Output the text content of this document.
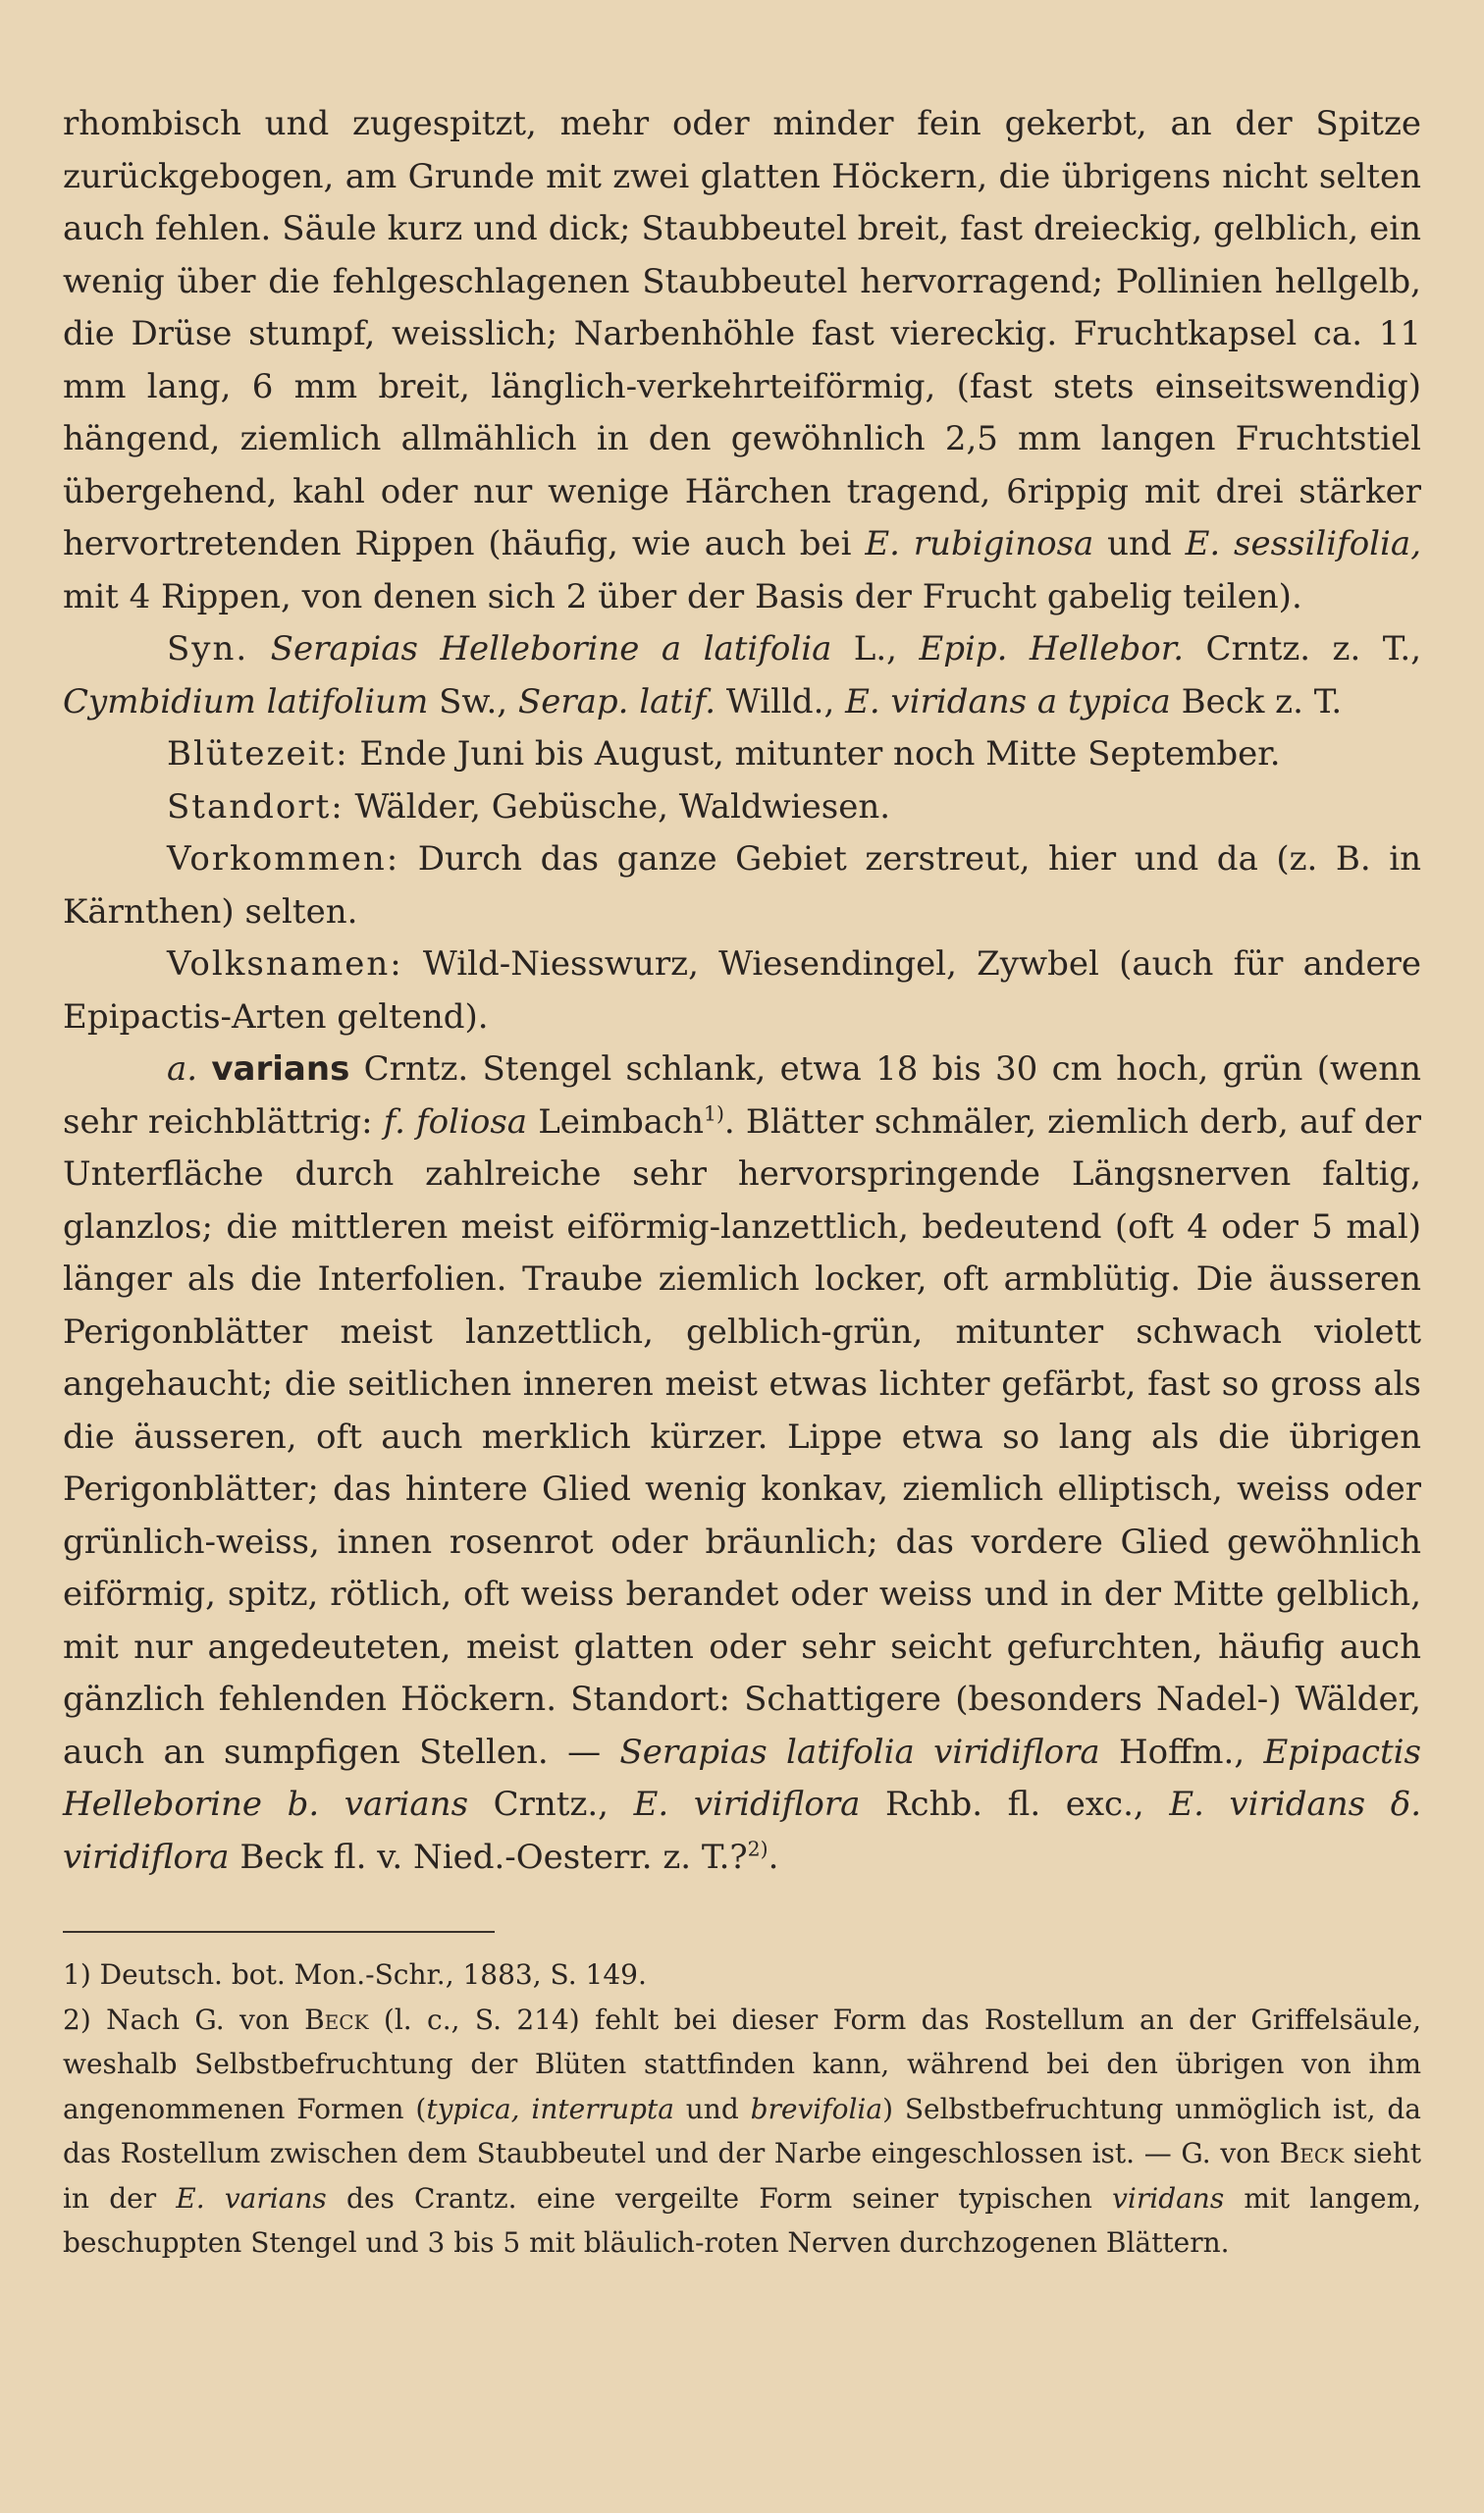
rhombisch und zugespitzt, mehr oder minder fein gekerbt, an der Spitze zurückgebogen, am Grunde mit zwei glatten Höckern, die übrigens nicht selten auch fehlen. Säule kurz und dick; Staubbeutel breit, fast dreieckig, gelblich, ein wenig über die fehlgeschlagenen Staubbeutel hervorragend; Pollinien hellgelb, die Drüse stumpf, weisslich; Narbenhöhle fast viereckig. Fruchtkapsel ca. 11 mm lang, 6 mm breit, länglich-verkehrteiförmig, (fast stets einseitswendig) hängend, ziemlich allmählich in den gewöhnlich 2,5 mm langen Fruchtstiel übergehend, kahl oder nur wenige Härchen tragend, 6rippig mit drei stärker hervortretenden Rippen (häufig, wie auch bei E. rubiginosa und E. sessilifolia, mit 4 Rippen, von denen sich 2 über der Basis der Frucht gabelig teilen).

Syn. Serapias Helleborine a latifolia L., Epip. Hellebor. Crntz. z. T., Cymbidium latifolium Sw., Serap. latif. Willd., E. viridans a typica Beck z. T.

Blütezeit: Ende Juni bis August, mitunter noch Mitte September.

Standort: Wälder, Gebüsche, Waldwiesen.

Vorkommen: Durch das ganze Gebiet zerstreut, hier und da (z. B. in Kärnthen) selten.

Volksnamen: Wild-Niesswurz, Wiesendingel, Zywbel (auch für andere Epipactis-Arten geltend).

a. varians Crntz. Stengel schlank, etwa 18 bis 30 cm hoch, grün (wenn sehr reichblättrig: f. foliosa Leimbach$^{1)}$. Blätter schmäler, ziemlich derb, auf der Unterfläche durch zahlreiche sehr hervorspringende Längsnerven faltig, glanzlos; die mittleren meist eiförmig-lanzettlich, bedeutend (oft 4 oder 5 mal) länger als die Interfolien. Traube ziemlich locker, oft armblütig. Die äusseren Perigonblätter meist lanzettlich, gelblich-grün, mitunter schwach violett angehaucht; die seitlichen inneren meist etwas lichter gefärbt, fast so gross als die äusseren, oft auch merklich kürzer. Lippe etwa so lang als die übrigen Perigonblätter; das hintere Glied wenig konkav, ziemlich elliptisch, weiss oder grünlich-weiss, innen rosenrot oder bräunlich; das vordere Glied gewöhnlich eiförmig, spitz, rötlich, oft weiss berandet oder weiss und in der Mitte gelblich, mit nur angedeuteten, meist glatten oder sehr seicht gefurchten, häufig auch gänzlich fehlenden Höckern. Standort: Schattigere (besonders Nadel-) Wälder, auch an sumpfigen Stellen. — Serapias latifolia viridiflora Hoffm., Epipactis Helleborine b. varians Crntz., E. viridiflora Rchb. fl. exc., E. viridans δ. viridiflora Beck fl. v. Nied.-Oesterr. z. T.?$^{2)}$.

1) Deutsch. bot. Mon.-Schr., 1883, S. 149.

2) Nach G. von Beck (l. c., S. 214) fehlt bei dieser Form das Rostellum an der Griffelsäule, weshalb Selbstbefruchtung der Blüten stattfinden kann, während bei den übrigen von ihm angenommenen Formen (typica, interrupta und brevifolia) Selbstbefruchtung unmöglich ist, da das Rostellum zwischen dem Staubbeutel und der Narbe eingeschlossen ist. — G. von Beck sieht in der E. varians des Crantz. eine vergeilte Form seiner typischen viridans mit langem, beschuppten Stengel und 3 bis 5 mit bläulich-roten Nerven durchzogenen Blättern.
